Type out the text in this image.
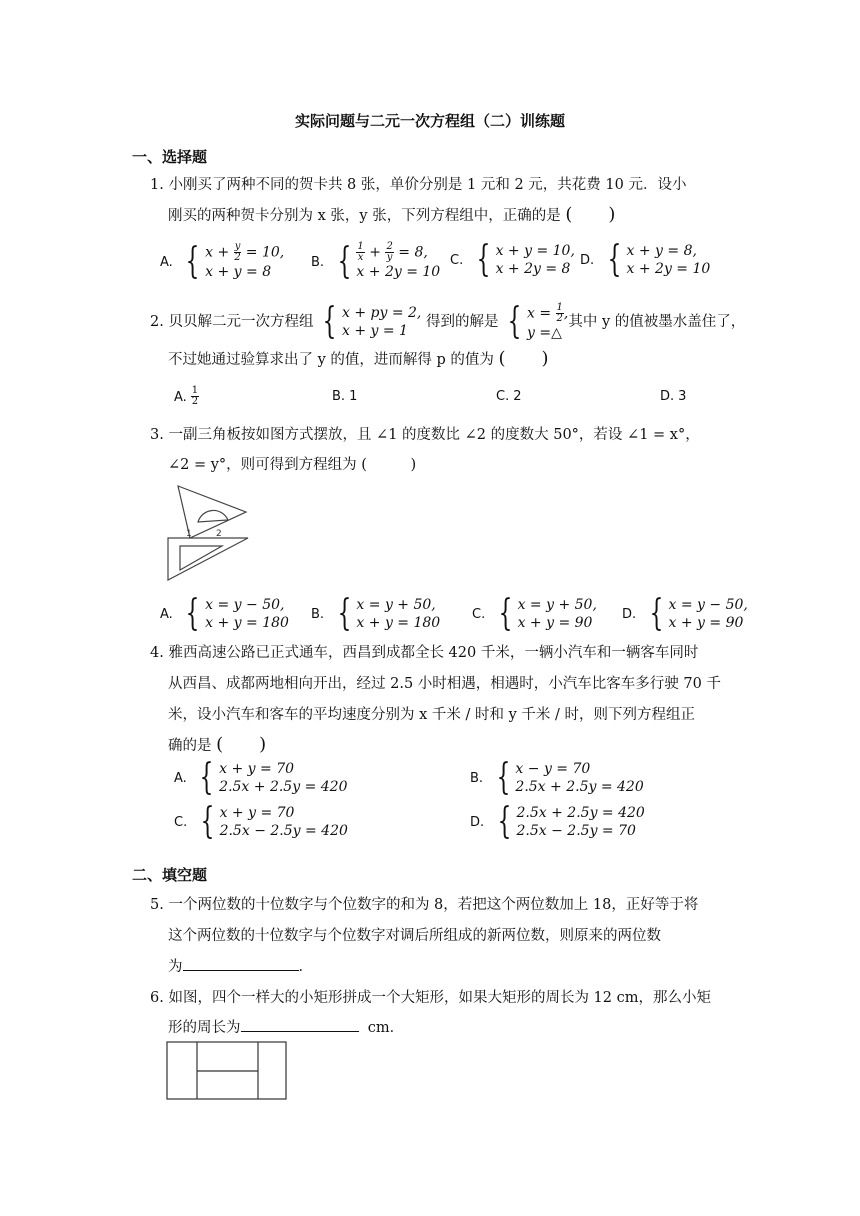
实际问题与二元一次方程组（二）训练题
一、选择题
1. 小刚买了两种不同的贺卡共 8 张，单价分别是 1 元和 2 元，共花费 10 元．设小
刚买的两种贺卡分别为 x 张，y 张，下列方程组中，正确的是 (　　)
A. { $x + \frac{y}{2} = 10$,
x + y = 8
B. { $\frac{1}{x} + \frac{2}{y} = 8$,
x + 2y = 10
C. { x + y = 10,
x + 2y = 8
D. { x + y = 8,
x + 2y = 10
2. 贝贝解二元一次方程组 { x + py = 2,
x + y = 1
得到的解是 { $x = \frac{1}{2}$ ,
y =△
其中 y 的值被墨水盖住了，
不过她通过验算求出了 y 的值，进而解得 p 的值为 (　　)
A. $\frac{1}{2}$	B. 1	C. 2	D. 3
3. 一副三角板按如图方式摆放，且 ∠1 的度数比 ∠2 的度数大 50°，若设 ∠1 = x°，
∠2 = y°，则可得到方程组为 (　　　)
1	2
A. { x = y − 50,
x + y = 180
B. { x = y + 50,
x + y = 180
C. { x = y + 50,
x + y = 90
D. { x = y − 50,
x + y = 90
4. 雅西高速公路已正式通车，西昌到成都全长 420 千米，一辆小汽车和一辆客车同时
从西昌、成都两地相向开出，经过 2.5 小时相遇，相遇时，小汽车比客车多行驶 70 千
米，设小汽车和客车的平均速度分别为 x 千米 / 时和 y 千米 / 时，则下列方程组正
确的是 (　　)
A. { x + y = 70
2.5x + 2.5y = 420
B. { x − y = 70
2.5x + 2.5y = 420
C. { x + y = 70
2.5x − 2.5y = 420
D. { 2.5x + 2.5y = 420
2.5x − 2.5y = 70
二、填空题
5. 一个两位数的十位数字与个位数字的和为 8，若把这个两位数加上 18，正好等于将
这个两位数的十位数字与个位数字对调后所组成的新两位数，则原来的两位数
为	．
6. 如图，四个一样大的小矩形拼成一个大矩形，如果大矩形的周长为 12 cm，那么小矩
形的周长为	cm．
